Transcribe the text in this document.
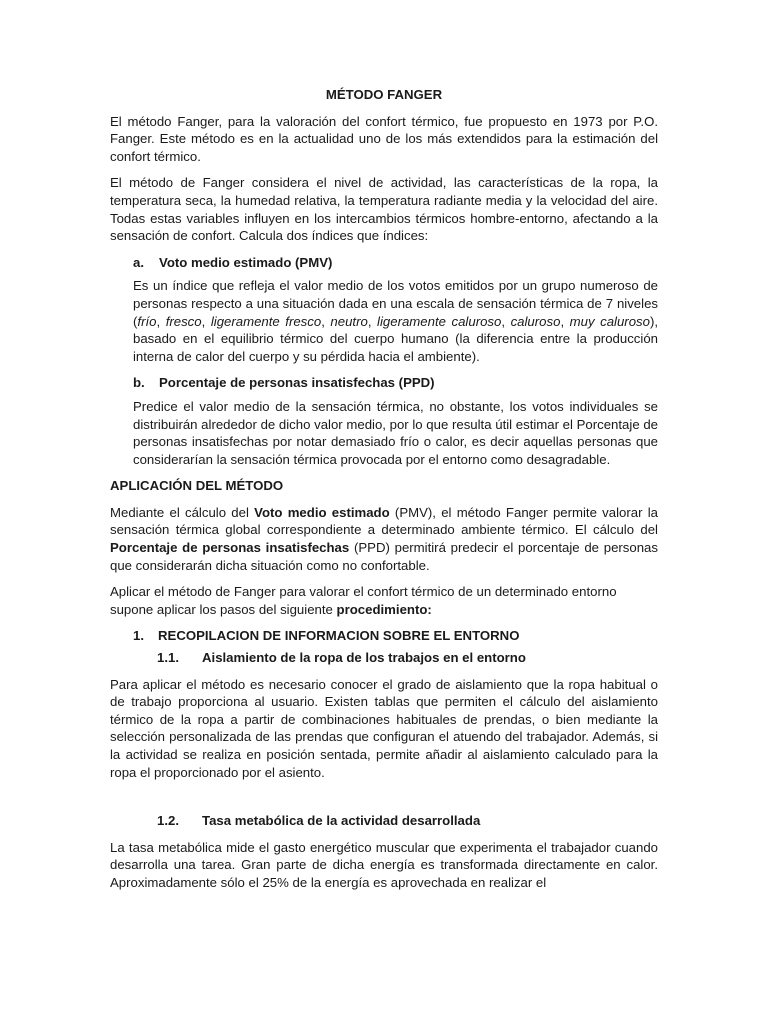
MÉTODO FANGER

El método Fanger, para la valoración del confort térmico, fue propuesto en 1973 por P.O. Fanger. Este método es en la actualidad uno de los más extendidos para la estimación del confort térmico.

El método de Fanger considera el nivel de actividad, las características de la ropa, la temperatura seca, la humedad relativa, la temperatura radiante media y la velocidad del aire. Todas estas variables influyen en los intercambios térmicos hombre-entorno, afectando a la sensación de confort. Calcula dos índices que índices:

a.	Voto medio estimado (PMV)

Es un índice que refleja el valor medio de los votos emitidos por un grupo numeroso de personas respecto a una situación dada en una escala de sensación térmica de 7 niveles (frío, fresco, ligeramente fresco, neutro, ligeramente caluroso, caluroso, muy caluroso), basado en el equilibrio térmico del cuerpo humano (la diferencia entre la producción interna de calor del cuerpo y su pérdida hacia el ambiente).

b.	Porcentaje de personas insatisfechas (PPD)

Predice el valor medio de la sensación térmica, no obstante, los votos individuales se distribuirán alrededor de dicho valor medio, por lo que resulta útil estimar el Porcentaje de personas insatisfechas por notar demasiado frío o calor, es decir aquellas personas que considerarían la sensación térmica provocada por el entorno como desagradable.

APLICACIÓN DEL MÉTODO

Mediante el cálculo del Voto medio estimado (PMV), el método Fanger permite valorar la sensación térmica global correspondiente a determinado ambiente térmico. El cálculo del Porcentaje de personas insatisfechas (PPD) permitirá predecir el porcentaje de personas que considerarán dicha situación como no confortable.

Aplicar el método de Fanger para valorar el confort térmico de un determinado entorno supone aplicar los pasos del siguiente procedimiento:

1.	RECOPILACION DE INFORMACION SOBRE EL ENTORNO
1.1.	Aislamiento de la ropa de los trabajos en el entorno

Para aplicar el método es necesario conocer el grado de aislamiento que la ropa habitual o de trabajo proporciona al usuario. Existen tablas que permiten el cálculo del aislamiento térmico de la ropa a partir de combinaciones habituales de prendas, o bien mediante la selección personalizada de las prendas que configuran el atuendo del trabajador. Además, si la actividad se realiza en posición sentada, permite añadir al aislamiento calculado para la ropa el proporcionado por el asiento.

1.2.	Tasa metabólica de la actividad desarrollada

La tasa metabólica mide el gasto energético muscular que experimenta el trabajador cuando desarrolla una tarea. Gran parte de dicha energía es transformada directamente en calor. Aproximadamente sólo el 25% de la energía es aprovechada en realizar el
